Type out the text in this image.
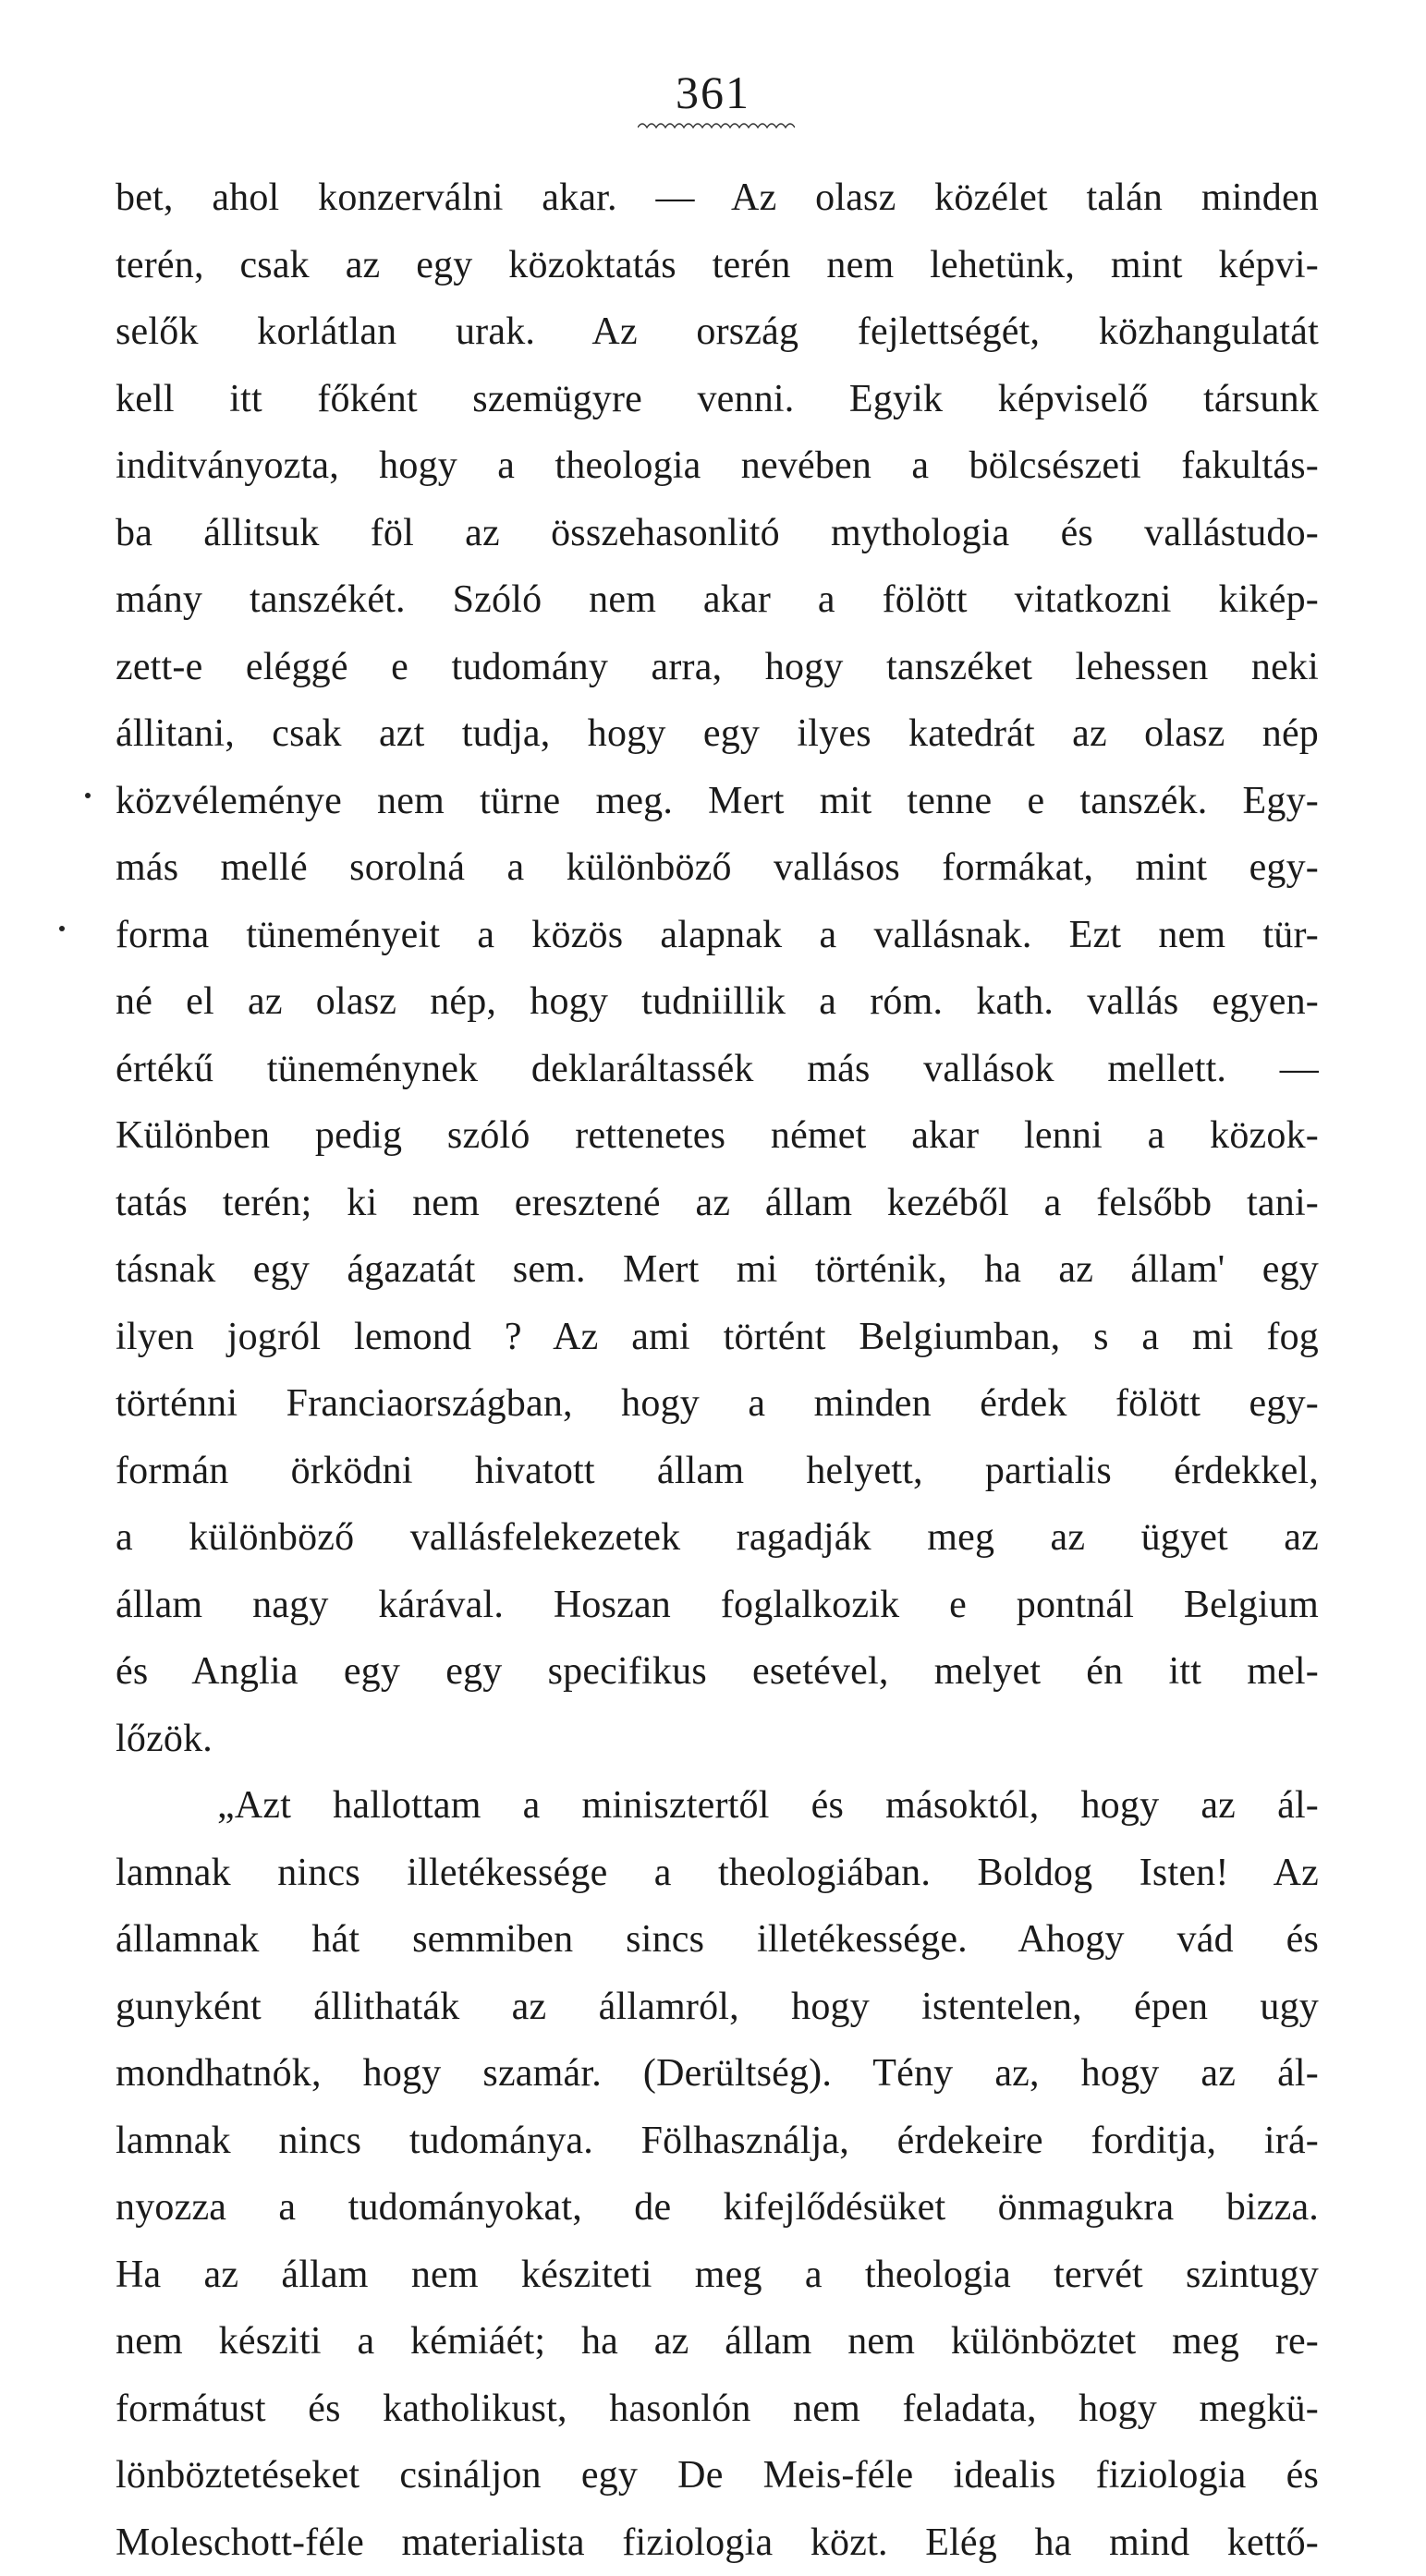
361
bet, ahol konzerválni akar. — Az olasz közélet talán minden
terén, csak az egy közoktatás terén nem lehetünk, mint képvi-
selők korlátlan urak. Az ország fejlettségét, közhangulatát
kell itt főként szemügyre venni. Egyik képviselő társunk
inditványozta, hogy a theologia nevében a bölcsészeti fakultás-
ba állitsuk föl az összehasonlitó mythologia és vallástudo-
mány tanszékét. Szóló nem akar a fölött vitatkozni kikép-
zett-e eléggé e tudomány arra, hogy tanszéket lehessen neki
állitani, csak azt tudja, hogy egy ilyes katedrát az olasz nép
közvéleménye nem türne meg. Mert mit tenne e tanszék. Egy-
más mellé sorolná a különböző vallásos formákat, mint egy-
forma tüneményeit a közös alapnak a vallásnak. Ezt nem tür-
né el az olasz nép, hogy tudniillik a róm. kath. vallás egyen-
értékű tüneménynek deklaráltassék más vallások mellett. —
Különben pedig szóló rettenetes német akar lenni a közok-
tatás terén; ki nem eresztené az állam kezéből a felsőbb tani-
tásnak egy ágazatát sem. Mert mi történik, ha az állam' egy
ilyen jogról lemond ? Az ami történt Belgiumban, s a mi fog
történni Franciaországban, hogy a minden érdek fölött egy-
formán örködni hivatott állam helyett, partialis érdekkel,
a különböző vallásfelekezetek ragadják meg az ügyet az
állam nagy kárával. Hoszan foglalkozik e pontnál Belgium
és Anglia egy egy specifikus esetével, melyet én itt mel-
lőzök.
„Azt hallottam a minisztertől és másoktól, hogy az ál-
lamnak nincs illetékessége a theologiában. Boldog Isten! Az
államnak hát semmiben sincs illetékessége. Ahogy vád és
gunyként állithaták az államról, hogy istentelen, épen ugy
mondhatnók, hogy szamár. (Derültség). Tény az, hogy az ál-
lamnak nincs tudománya. Fölhasználja, érdekeire forditja, irá-
nyozza a tudományokat, de kifejlődésüket önmagukra bizza.
Ha az állam nem késziteti meg a theologia tervét szintugy
nem késziti a kémiáét; ha az állam nem különböztet meg re-
formátust és katholikust, hasonlón nem feladata, hogy megkü-
lönböztetéseket csináljon egy De Meis-féle idealis fiziologia és
Moleschott-féle materialista fiziologia közt. Elég ha mind kettő-
